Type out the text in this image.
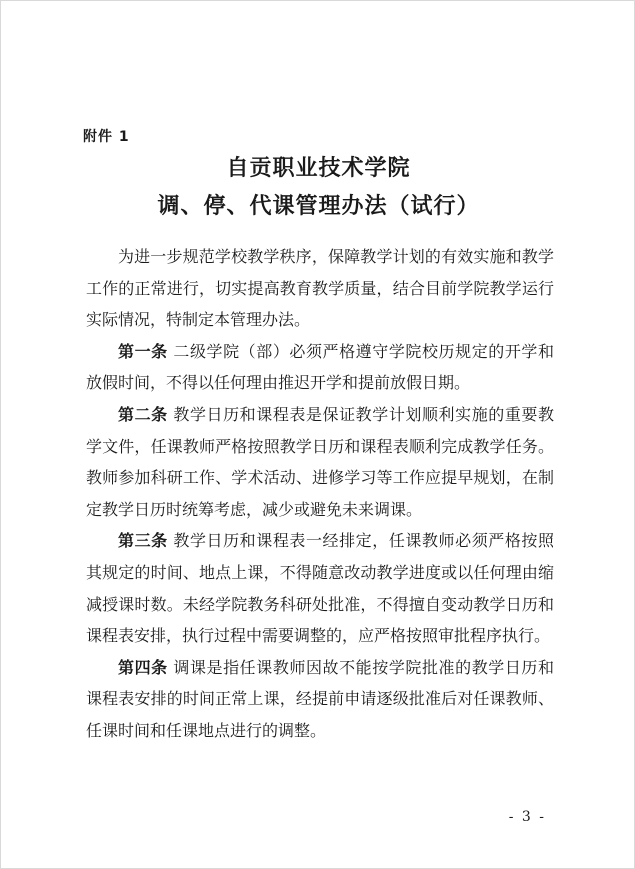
附件 1
自贡职业技术学院
调、停、代课管理办法（试行）

为进一步规范学校教学秩序，保障教学计划的有效实施和教学工作的正常进行，切实提高教育教学质量，结合目前学院教学运行实际情况，特制定本管理办法。

第一条 二级学院（部）必须严格遵守学院校历规定的开学和放假时间，不得以任何理由推迟开学和提前放假日期。

第二条 教学日历和课程表是保证教学计划顺利实施的重要教学文件，任课教师严格按照教学日历和课程表顺利完成教学任务。教师参加科研工作、学术活动、进修学习等工作应提早规划，在制定教学日历时统筹考虑，减少或避免未来调课。

第三条 教学日历和课程表一经排定，任课教师必须严格按照其规定的时间、地点上课，不得随意改动教学进度或以任何理由缩减授课时数。未经学院教务科研处批准，不得擅自变动教学日历和课程表安排，执行过程中需要调整的，应严格按照审批程序执行。

第四条 调课是指任课教师因故不能按学院批准的教学日历和课程表安排的时间正常上课，经提前申请逐级批准后对任课教师、任课时间和任课地点进行的调整。

- 3 -
